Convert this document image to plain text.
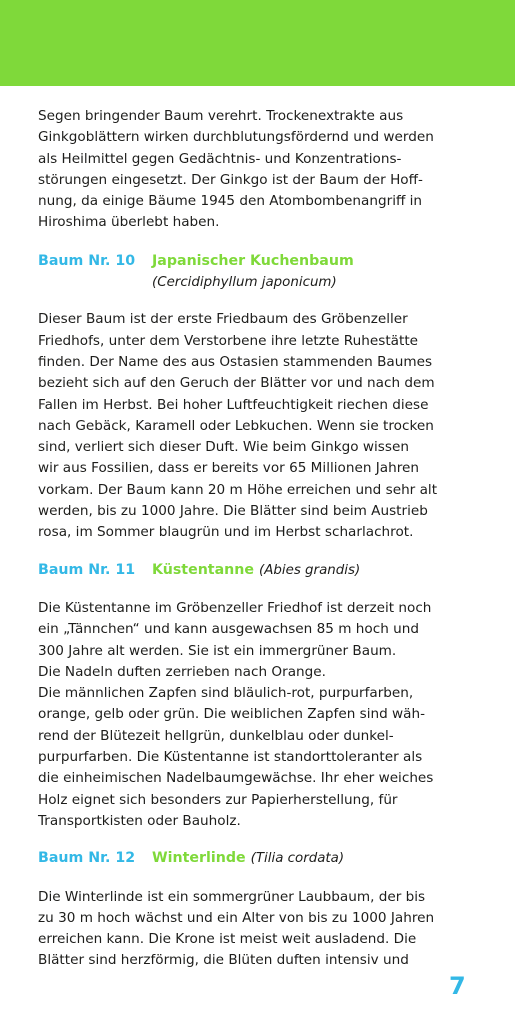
Segen bringender Baum verehrt. Trockenextrakte aus
Ginkgoblättern wirken durchblutungsfördernd und werden
als Heilmittel gegen Gedächtnis- und Konzentrations-
störungen eingesetzt. Der Ginkgo ist der Baum der Hoff-
nung, da einige Bäume 1945 den Atombombenangriff in
Hiroshima überlebt haben.

Baum Nr. 10	Japanischer Kuchenbaum
(Cercidiphyllum japonicum)

Dieser Baum ist der erste Friedbaum des Gröbenzeller
Friedhofs, unter dem Verstorbene ihre letzte Ruhestätte
finden. Der Name des aus Ostasien stammenden Baumes
bezieht sich auf den Geruch der Blätter vor und nach dem
Fallen im Herbst. Bei hoher Luftfeuchtigkeit riechen diese
nach Gebäck, Karamell oder Lebkuchen. Wenn sie trocken
sind, verliert sich dieser Duft. Wie beim Ginkgo wissen
wir aus Fossilien, dass er bereits vor 65 Millionen Jahren
vorkam. Der Baum kann 20 m Höhe erreichen und sehr alt
werden, bis zu 1000 Jahre. Die Blätter sind beim Austrieb
rosa, im Sommer blaugrün und im Herbst scharlachrot.

Baum Nr. 11	Küstentanne (Abies grandis)

Die Küstentanne im Gröbenzeller Friedhof ist derzeit noch
ein „Tännchen“ und kann ausgewachsen 85 m hoch und
300 Jahre alt werden. Sie ist ein immergrüner Baum.
Die Nadeln duften zerrieben nach Orange.
Die männlichen Zapfen sind bläulich-rot, purpurfarben,
orange, gelb oder grün. Die weiblichen Zapfen sind wäh-
rend der Blütezeit hellgrün, dunkelblau oder dunkel-
purpurfarben. Die Küstentanne ist standorttoleranter als
die einheimischen Nadelbaumgewächse. Ihr eher weiches
Holz eignet sich besonders zur Papierherstellung, für
Transportkisten oder Bauholz.

Baum Nr. 12	Winterlinde (Tilia cordata)

Die Winterlinde ist ein sommergrüner Laubbaum, der bis
zu 30 m hoch wächst und ein Alter von bis zu 1000 Jahren
erreichen kann. Die Krone ist meist weit ausladend. Die
Blätter sind herzförmig, die Blüten duften intensiv und

7
